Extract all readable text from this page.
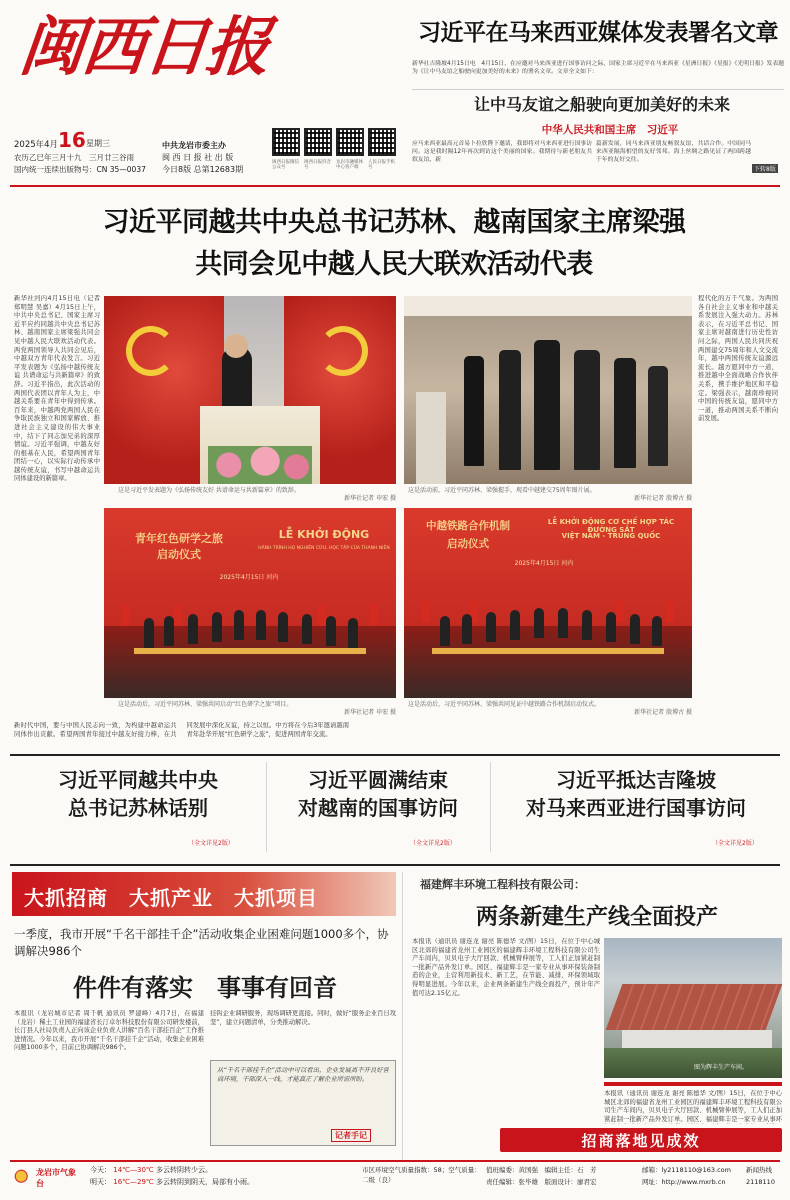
闽西日报
2025年4月 16 星期三
农历乙巳年三月十九　三月廿三谷雨
国内统一连续出版物号：CN 35—0037
中共龙岩市委主办
闽 西 日 报 社 出 版
今日8版 总第12683期
闽西日报微信公众号
闽西日报抖音号
龙岩市融媒体中心客户端
人民日报手机号
习近平在马来西亚媒体发表署名文章
新华社吉隆坡4月15日电　4月15日，在应邀对马来西亚进行国事访问之际，国家主席习近平在马来西亚《星洲日报》《星报》《光明日报》发表题为《让中马友谊之船驶向更加美好的未来》的署名文章。文章全文如下：
让中马友谊之船驶向更加美好的未来
中华人民共和国主席　习近平
应马来西亚最高元首易卜拉欣陛下邀请，我即将对马来西亚进行国事访问。这是我时隔12年再次到访这个美丽的国家。我期待与新老朋友共叙友谊、新
篇新发展，同马来西亚朋友畅叙友谊，共话合作。中国同马来西亚隔海相望的友好邻邦。海上丝绸之路见证了两国跨越千年的友好交往。
下转8版
习近平同越共中央总书记苏林、越南国家主席梁强
共同会见中越人民大联欢活动代表
新华社河内4月15日电（记者 郑明慧 吴嘉）4月15日上午，中共中央总书记、国家主席习近平应约同越共中央总书记苏林、越南国家主席梁强共同会见中越人民大联欢活动代表。两党两国领导人共同会见后，中越双方青年代表发言。习近平发表题为《弘扬中越传统友谊 共谱命运与共新篇章》的致辞。习近平指出，此次活动的两国代表团以青年人为主，中越关系要在青年中得到传承。百年来，中越两党两国人民在争取民族独立和国家解放、推进社会主义建设的伟大事业中，结下了同志加兄弟的深厚情谊。习近平强调，中越友好的根基在人民，希望两国青年团结一心，以实际行动传承中越传统友谊，书写中越命运共同体建设的新篇章。
这是习近平发表题为《弘扬传统友好 共谱命运与共新篇章》的致辞。
新华社记者 申宏 摄
这是活动前，习近平同苏林、梁强握手，观看中越建交75周年图片展。
新华社记者 殷博古 摄
青年红色研学之旅
启动仪式
LỄ KHỞI ĐỘNG
HÀNH TRÌNH HỌ NGHIÊN CỨU, HỌC TẬP CỦA THANH NIÊN
2025年4月15日 河内
这是活动后，习近平同苏林、梁强共同启动“红色研学之旅”项目。
新华社记者 申宏 摄
中越铁路合作机制
启动仪式
LỄ KHỞI ĐỘNG CƠ CHẾ HỢP TÁC ĐƯỜNG SẮT
VIỆT NAM - TRUNG QUỐC
2025年4月15日 河内
这是活动后，习近平同苏林、梁强共同见证中越铁路合作机制启动仪式。
新华社记者 殷博古 摄
程代化的万千气象。为两国各自社会主义事业和中越关系发展注入强大动力。苏林表示，在习近平总书记、国家主席对越南进行历史性访问之际，两国人民共同庆祝两国建交75周年和人文交流年，越中两国传统友谊源远流长。越方愿同中方一道，推进越中全面战略合作伙伴关系，携手维护地区和平稳定。梁强表示，越南珍视同中国的传统友谊，愿同中方一道，推动两国关系不断向前发展。
新时代中国，要与中国人民志向一致，为构建中越命运共同体作出贡献。希望两国青年接过中越友好接力棒，在共同发展中深化友谊，持之以恒。中方将在今后3年邀请越南青年赴华开展“红色研学之旅”，促进两国青年交流。
习近平同越共中央
总书记苏林话别
（全文详见2版）
习近平圆满结束
对越南的国事访问
（全文详见2版）
习近平抵达吉隆坡
对马来西亚进行国事访问
（全文详见2版）
大抓招商　大抓产业　大抓项目
一季度，我市开展“千名干部挂千企”活动收集企业困难问题1000多个，协调解决986个
件件有落实　事事有回音
本报讯（龙岩城市记者 周千帆 通讯员 罗建峰）4月7日，在福建（龙岩）稀土工业园的福建省长汀卓尔科技股份有限公司研发楼前，长汀县人社局负责人正向该企业负责人讲解“百名干部挂百企”工作推进情况。今年以来，我市开展“千名干部挂千企”活动，收集企业困难问题1000多个，目前已协调解决986个。
挂钩企业调研服务，现场调研更直接。同时，做好“服务企业百日攻坚”，建立问题清单，分类推动解决。
从“千名干部挂千企”活动中可以看出，企业发展离不开良好营商环境，干部深入一线，才能真正了解企业所需所盼。
记者手记
福建辉丰环境工程科技有限公司：
两条新建生产线全面投产
本报讯（通讯员 谢连龙 谢亮 陈德华 文/图）15日，在位于中心城区北郊的福建省龙州工业园区的福建辉丰环境工程科技有限公司生产车间内，贝贝电子大厅回款、机械臂伸展等，工人们正加紧赶制一批新产品外发订单。园区、福建辉丰是一家专业从事环保装备制造的企业，主营利用新技术、新工艺，在节能、减排、环保领域取得明显进展。今年以来，企业两条新建生产线全面投产，预计年产值可达2.15亿元。
图为辉丰生产车间。
本报讯（通讯员 谢连龙 谢亮 陈德华 文/图）15日，在位于中心城区北郊的福建省龙州工业园区的福建辉丰环境工程科技有限公司生产车间内，贝贝电子大厅回款、机械臂伸展等，工人们正加紧赶制一批新产品外发订单。园区、福建辉丰是一家专业从事环
招商落地见成效
龙岩市气象台
今天： 14℃—30℃ 多云转阴转少云。
明天： 16℃—29℃ 多云转阴到阴天，局部有小雨。
市区环境空气质量指数：58；空气质量：二级（良）
值班编委：黄国强　编辑主任：石　芳
责任编辑：张毕雄　版面设计：廖君宏
邮箱：ly2118110@163.com
网址：http://www.mxrb.cn
新闻热线
2118110
